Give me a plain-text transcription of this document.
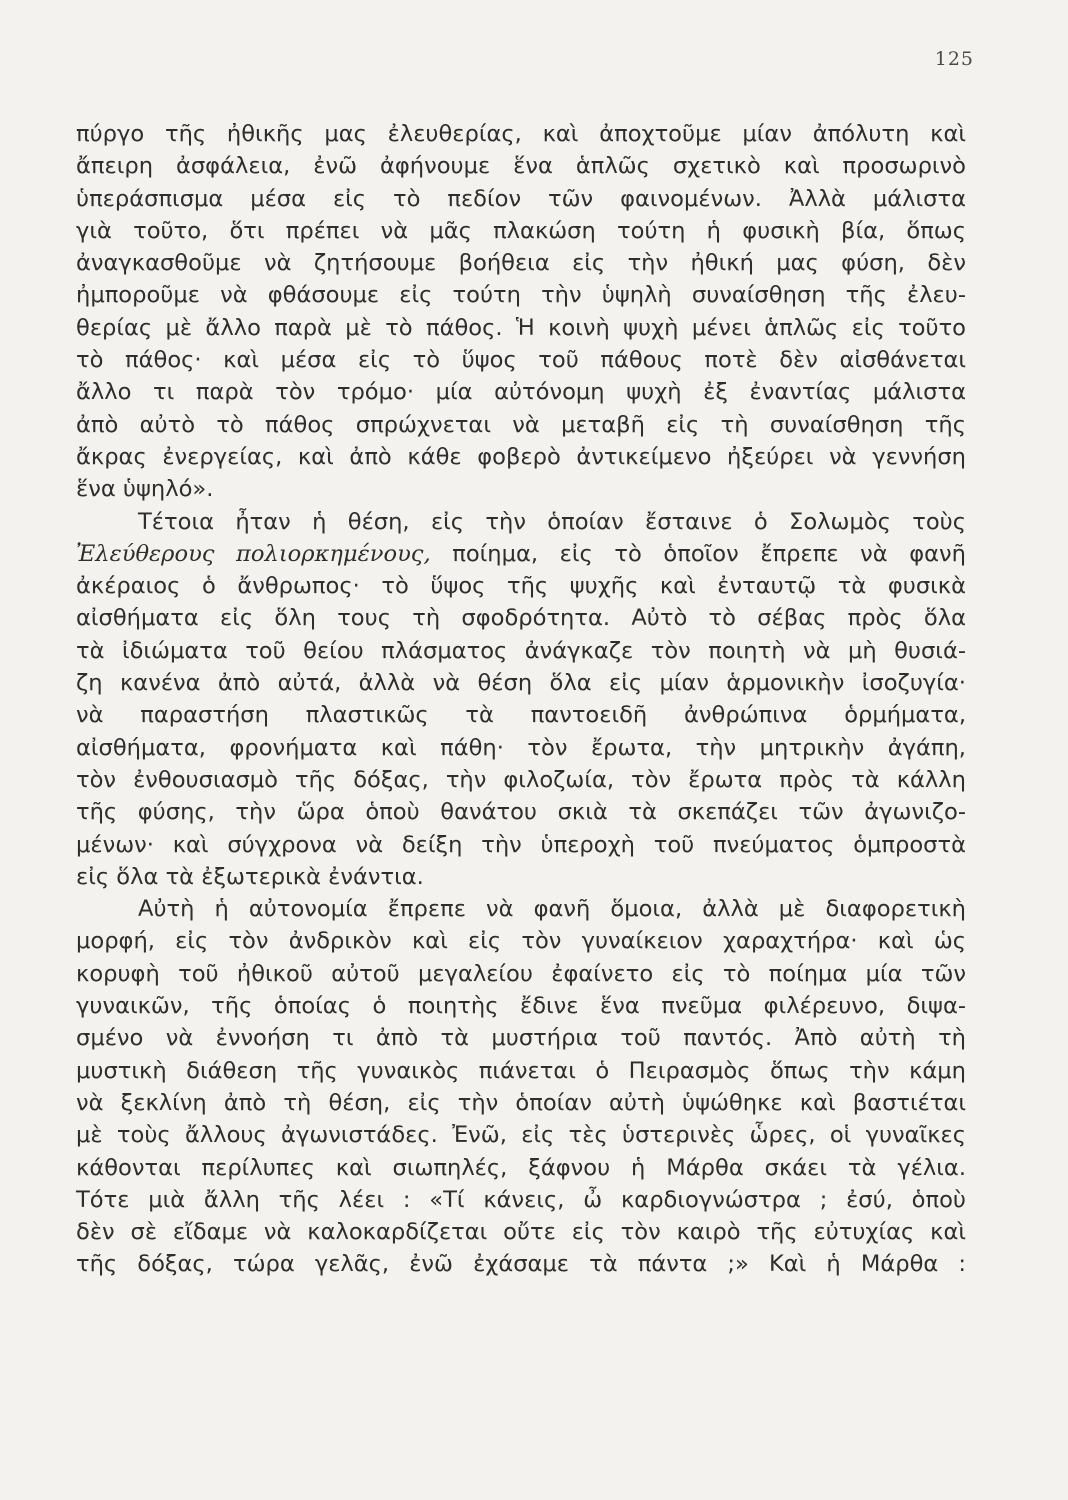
125
πύργο τῆς ἠθικῆς μας ἐλευθερίας, καὶ ἀποχτοῦμε μίαν ἀπόλυτη καὶ
ἄπειρη ἀσφάλεια, ἐνῶ ἀφήνουμε ἕνα ἁπλῶς σχετικὸ καὶ προσωρινὸ
ὑπεράσπισμα μέσα εἰς τὸ πεδίον τῶν φαινομένων. Ἀλλὰ μάλιστα
γιὰ τοῦτο, ὅτι πρέπει νὰ μᾶς πλακώση τούτη ἡ φυσικὴ βία, ὅπως
ἀναγκασθοῦμε νὰ ζητήσουμε βοήθεια εἰς τὴν ἠθική μας φύση, δὲν
ἠμποροῦμε νὰ φθάσουμε εἰς τούτη τὴν ὑψηλὴ συναίσθηση τῆς ἐλευ-
θερίας μὲ ἄλλο παρὰ μὲ τὸ πάθος. Ἡ κοινὴ ψυχὴ μένει ἁπλῶς εἰς τοῦτο
τὸ πάθος· καὶ μέσα εἰς τὸ ὕψος τοῦ πάθους ποτὲ δὲν αἰσθάνεται
ἄλλο τι παρὰ τὸν τρόμο· μία αὐτόνομη ψυχὴ ἐξ ἐναντίας μάλιστα
ἀπὸ αὐτὸ τὸ πάθος σπρώχνεται νὰ μεταβῆ εἰς τὴ συναίσθηση τῆς
ἄκρας ἐνεργείας, καὶ ἀπὸ κάθε φοβερὸ ἀντικείμενο ἠξεύρει νὰ γεννήση
ἕνα ὑψηλό».
Τέτοια ἦταν ἡ θέση, εἰς τὴν ὁποίαν ἔσταινε ὁ Σολωμὸς τοὺς
Ἐλεύθερους πολιορκημένους, ποίημα, εἰς τὸ ὁποῖον ἔπρεπε νὰ φανῆ
ἀκέραιος ὁ ἄνθρωπος· τὸ ὕψος τῆς ψυχῆς καὶ ἐνταυτῷ τὰ φυσικὰ
αἰσθήματα εἰς ὅλη τους τὴ σφοδρότητα. Αὐτὸ τὸ σέβας πρὸς ὅλα
τὰ ἰδιώματα τοῦ θείου πλάσματος ἀνάγκαζε τὸν ποιητὴ νὰ μὴ θυσιά-
ζη κανένα ἀπὸ αὐτά, ἀλλὰ νὰ θέση ὅλα εἰς μίαν ἁρμονικὴν ἰσοζυγία·
νὰ παραστήση πλαστικῶς τὰ παντοειδῆ ἀνθρώπινα ὁρμήματα,
αἰσθήματα, φρονήματα καὶ πάθη· τὸν ἔρωτα, τὴν μητρικὴν ἀγάπη,
τὸν ἐνθουσιασμὸ τῆς δόξας, τὴν φιλοζωία, τὸν ἔρωτα πρὸς τὰ κάλλη
τῆς φύσης, τὴν ὥρα ὁποὺ θανάτου σκιὰ τὰ σκεπάζει τῶν ἀγωνιζο-
μένων· καὶ σύγχρονα νὰ δείξη τὴν ὑπεροχὴ τοῦ πνεύματος ὁμπροστὰ
εἰς ὅλα τὰ ἐξωτερικὰ ἐνάντια.
Αὐτὴ ἡ αὐτονομία ἔπρεπε νὰ φανῆ ὅμοια, ἀλλὰ μὲ διαφορετικὴ
μορφή, εἰς τὸν ἀνδρικὸν καὶ εἰς τὸν γυναίκειον χαραχτήρα· καὶ ὡς
κορυφὴ τοῦ ἠθικοῦ αὐτοῦ μεγαλείου ἐφαίνετο εἰς τὸ ποίημα μία τῶν
γυναικῶν, τῆς ὁποίας ὁ ποιητὴς ἔδινε ἕνα πνεῦμα φιλέρευνο, διψα-
σμένο νὰ ἐννοήση τι ἀπὸ τὰ μυστήρια τοῦ παντός. Ἀπὸ αὐτὴ τὴ
μυστικὴ διάθεση τῆς γυναικὸς πιάνεται ὁ Πειρασμὸς ὅπως τὴν κάμη
νὰ ξεκλίνη ἀπὸ τὴ θέση, εἰς τὴν ὁποίαν αὐτὴ ὑψώθηκε καὶ βαστιέται
μὲ τοὺς ἄλλους ἀγωνιστάδες. Ἐνῶ, εἰς τὲς ὑστερινὲς ὧρες, οἱ γυναῖκες
κάθονται περίλυπες καὶ σιωπηλές, ξάφνου ἡ Μάρθα σκάει τὰ γέλια.
Τότε μιὰ ἄλλη τῆς λέει : «Τί κάνεις, ὦ καρδιογνώστρα ; ἐσύ, ὁποὺ
δὲν σὲ εἴδαμε νὰ καλοκαρδίζεται οὔτε εἰς τὸν καιρὸ τῆς εὐτυχίας καὶ
τῆς δόξας, τώρα γελᾶς, ἐνῶ ἐχάσαμε τὰ πάντα ;» Καὶ ἡ Μάρθα :
